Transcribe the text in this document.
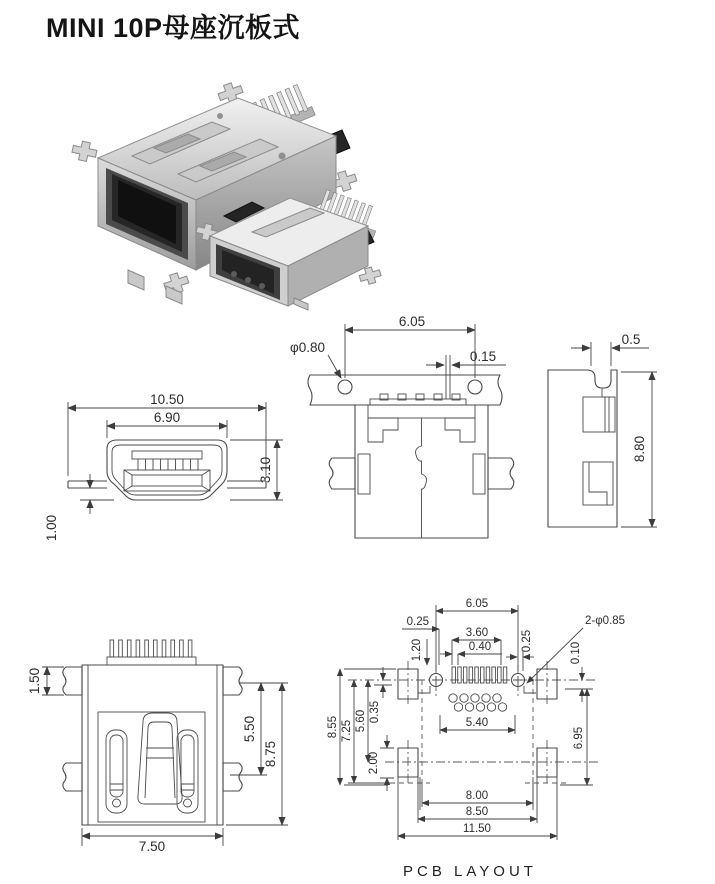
MINI 10P母座沉板式
10.50
6.90
3.10
1.00
6.05
φ0.80
0.15
0.5
8.80
1.50
5.50
8.75
7.50
6.05
0.25
3.60
0.40
1.20	0.25
2-φ0.85
0.10
8.55 7.25 5.60 0.35
2.00
5.40
6.95
8.00
8.50
11.50
PCB LAYOUT
